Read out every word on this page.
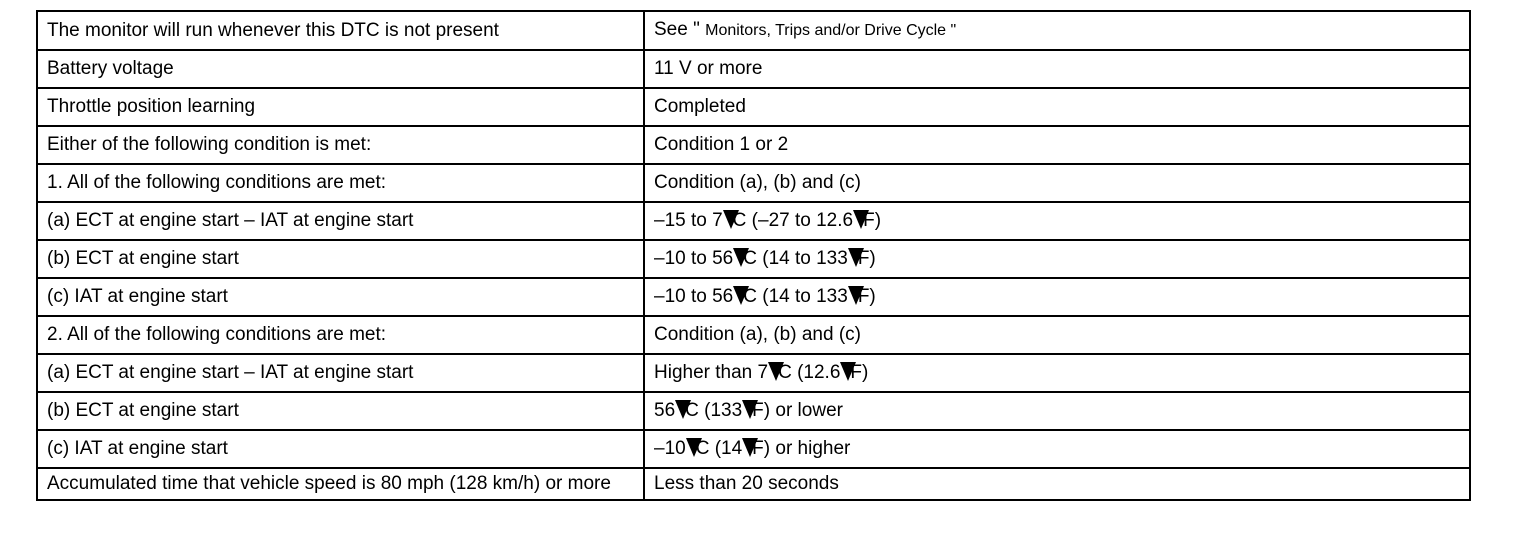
The monitor will run whenever this DTC is not present	See " Monitors, Trips and/or Drive Cycle "
Battery voltage	11 V or more
Throttle position learning	Completed
Either of the following condition is met:	Condition 1 or 2
1. All of the following conditions are met:	Condition (a), (b) and (c)
(a) ECT at engine start – IAT at engine start	–15 to 7 C (–27 to 12.6 F)
(b) ECT at engine start	–10 to 56 C (14 to 133 F)
(c) IAT at engine start	–10 to 56 C (14 to 133 F)
2. All of the following conditions are met:	Condition (a), (b) and (c)
(a) ECT at engine start – IAT at engine start	Higher than 7 C (12.6 F)
(b) ECT at engine start	56 C (133 F) or lower
(c) IAT at engine start	–10 C (14 F) or higher
Accumulated time that vehicle speed is 80 mph (128 km/h) or more	Less than 20 seconds
